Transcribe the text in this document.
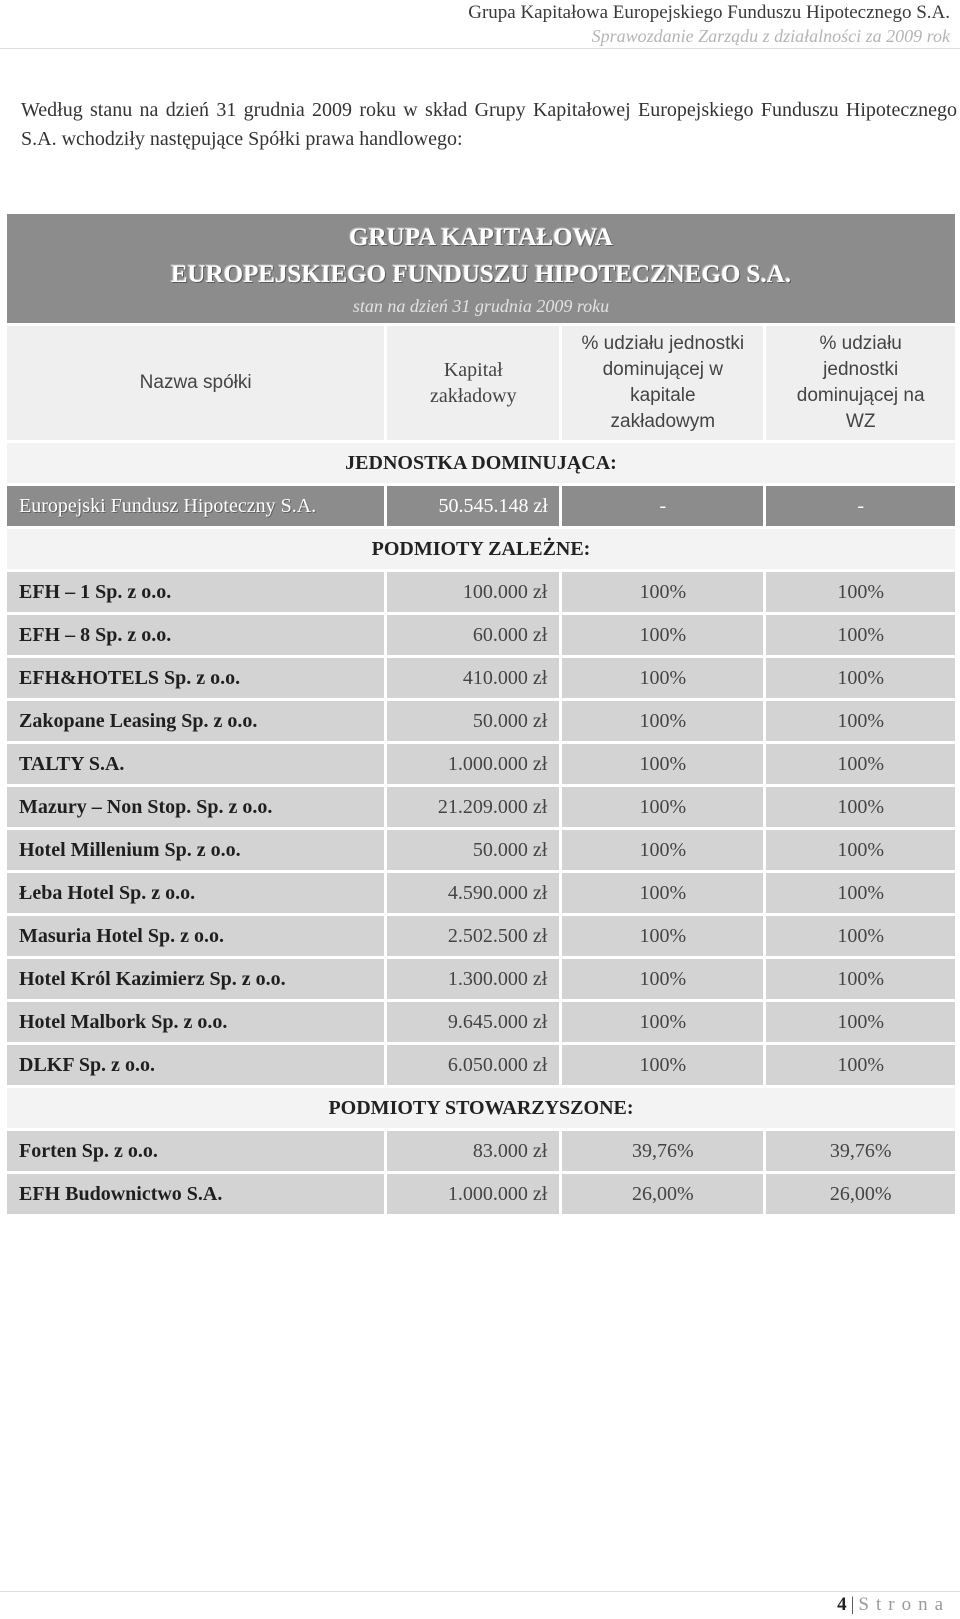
Grupa Kapitałowa Europejskiego Funduszu Hipotecznego S.A.
Sprawozdanie Zarządu z działalności za 2009 rok

Według stanu na dzień 31 grudnia 2009 roku w skład Grupy Kapitałowej Europejskiego Funduszu Hipotecznego S.A. wchodziły następujące Spółki prawa handlowego:

GRUPA KAPITAŁOWA
EUROPEJSKIEGO FUNDUSZU HIPOTECZNEGO S.A.
stan na dzień 31 grudnia 2009 roku			

Nazwa spółki	Kapitał zakładowy	% udziału jednostki dominującej w kapitale zakładowym	% udziału jednostki dominującej na WZ
JEDNOSTKA DOMINUJĄCA:			
Europejski Fundusz Hipoteczny S.A.	50.545.148 zł	-	-
PODMIOTY ZALEŻNE:			
EFH – 1 Sp. z o.o.	100.000 zł	100%	100%
EFH – 8 Sp. z o.o.	60.000 zł	100%	100%
EFH&HOTELS Sp. z o.o.	410.000 zł	100%	100%
Zakopane Leasing Sp. z o.o.	50.000 zł	100%	100%
TALTY S.A.	1.000.000 zł	100%	100%
Mazury – Non Stop. Sp. z o.o.	21.209.000 zł	100%	100%
Hotel Millenium Sp. z o.o.	50.000 zł	100%	100%
Łeba Hotel Sp. z o.o.	4.590.000 zł	100%	100%
Masuria Hotel Sp. z o.o.	2.502.500 zł	100%	100%
Hotel Król Kazimierz Sp. z o.o.	1.300.000 zł	100%	100%
Hotel Malbork Sp. z o.o.	9.645.000 zł	100%	100%
DLKF Sp. z o.o.	6.050.000 zł	100%	100%
PODMIOTY STOWARZYSZONE:			
Forten Sp. z o.o.	83.000 zł	39,76%	39,76%
EFH Budownictwo S.A.	1.000.000 zł	26,00%	26,00%
4 | Strona
